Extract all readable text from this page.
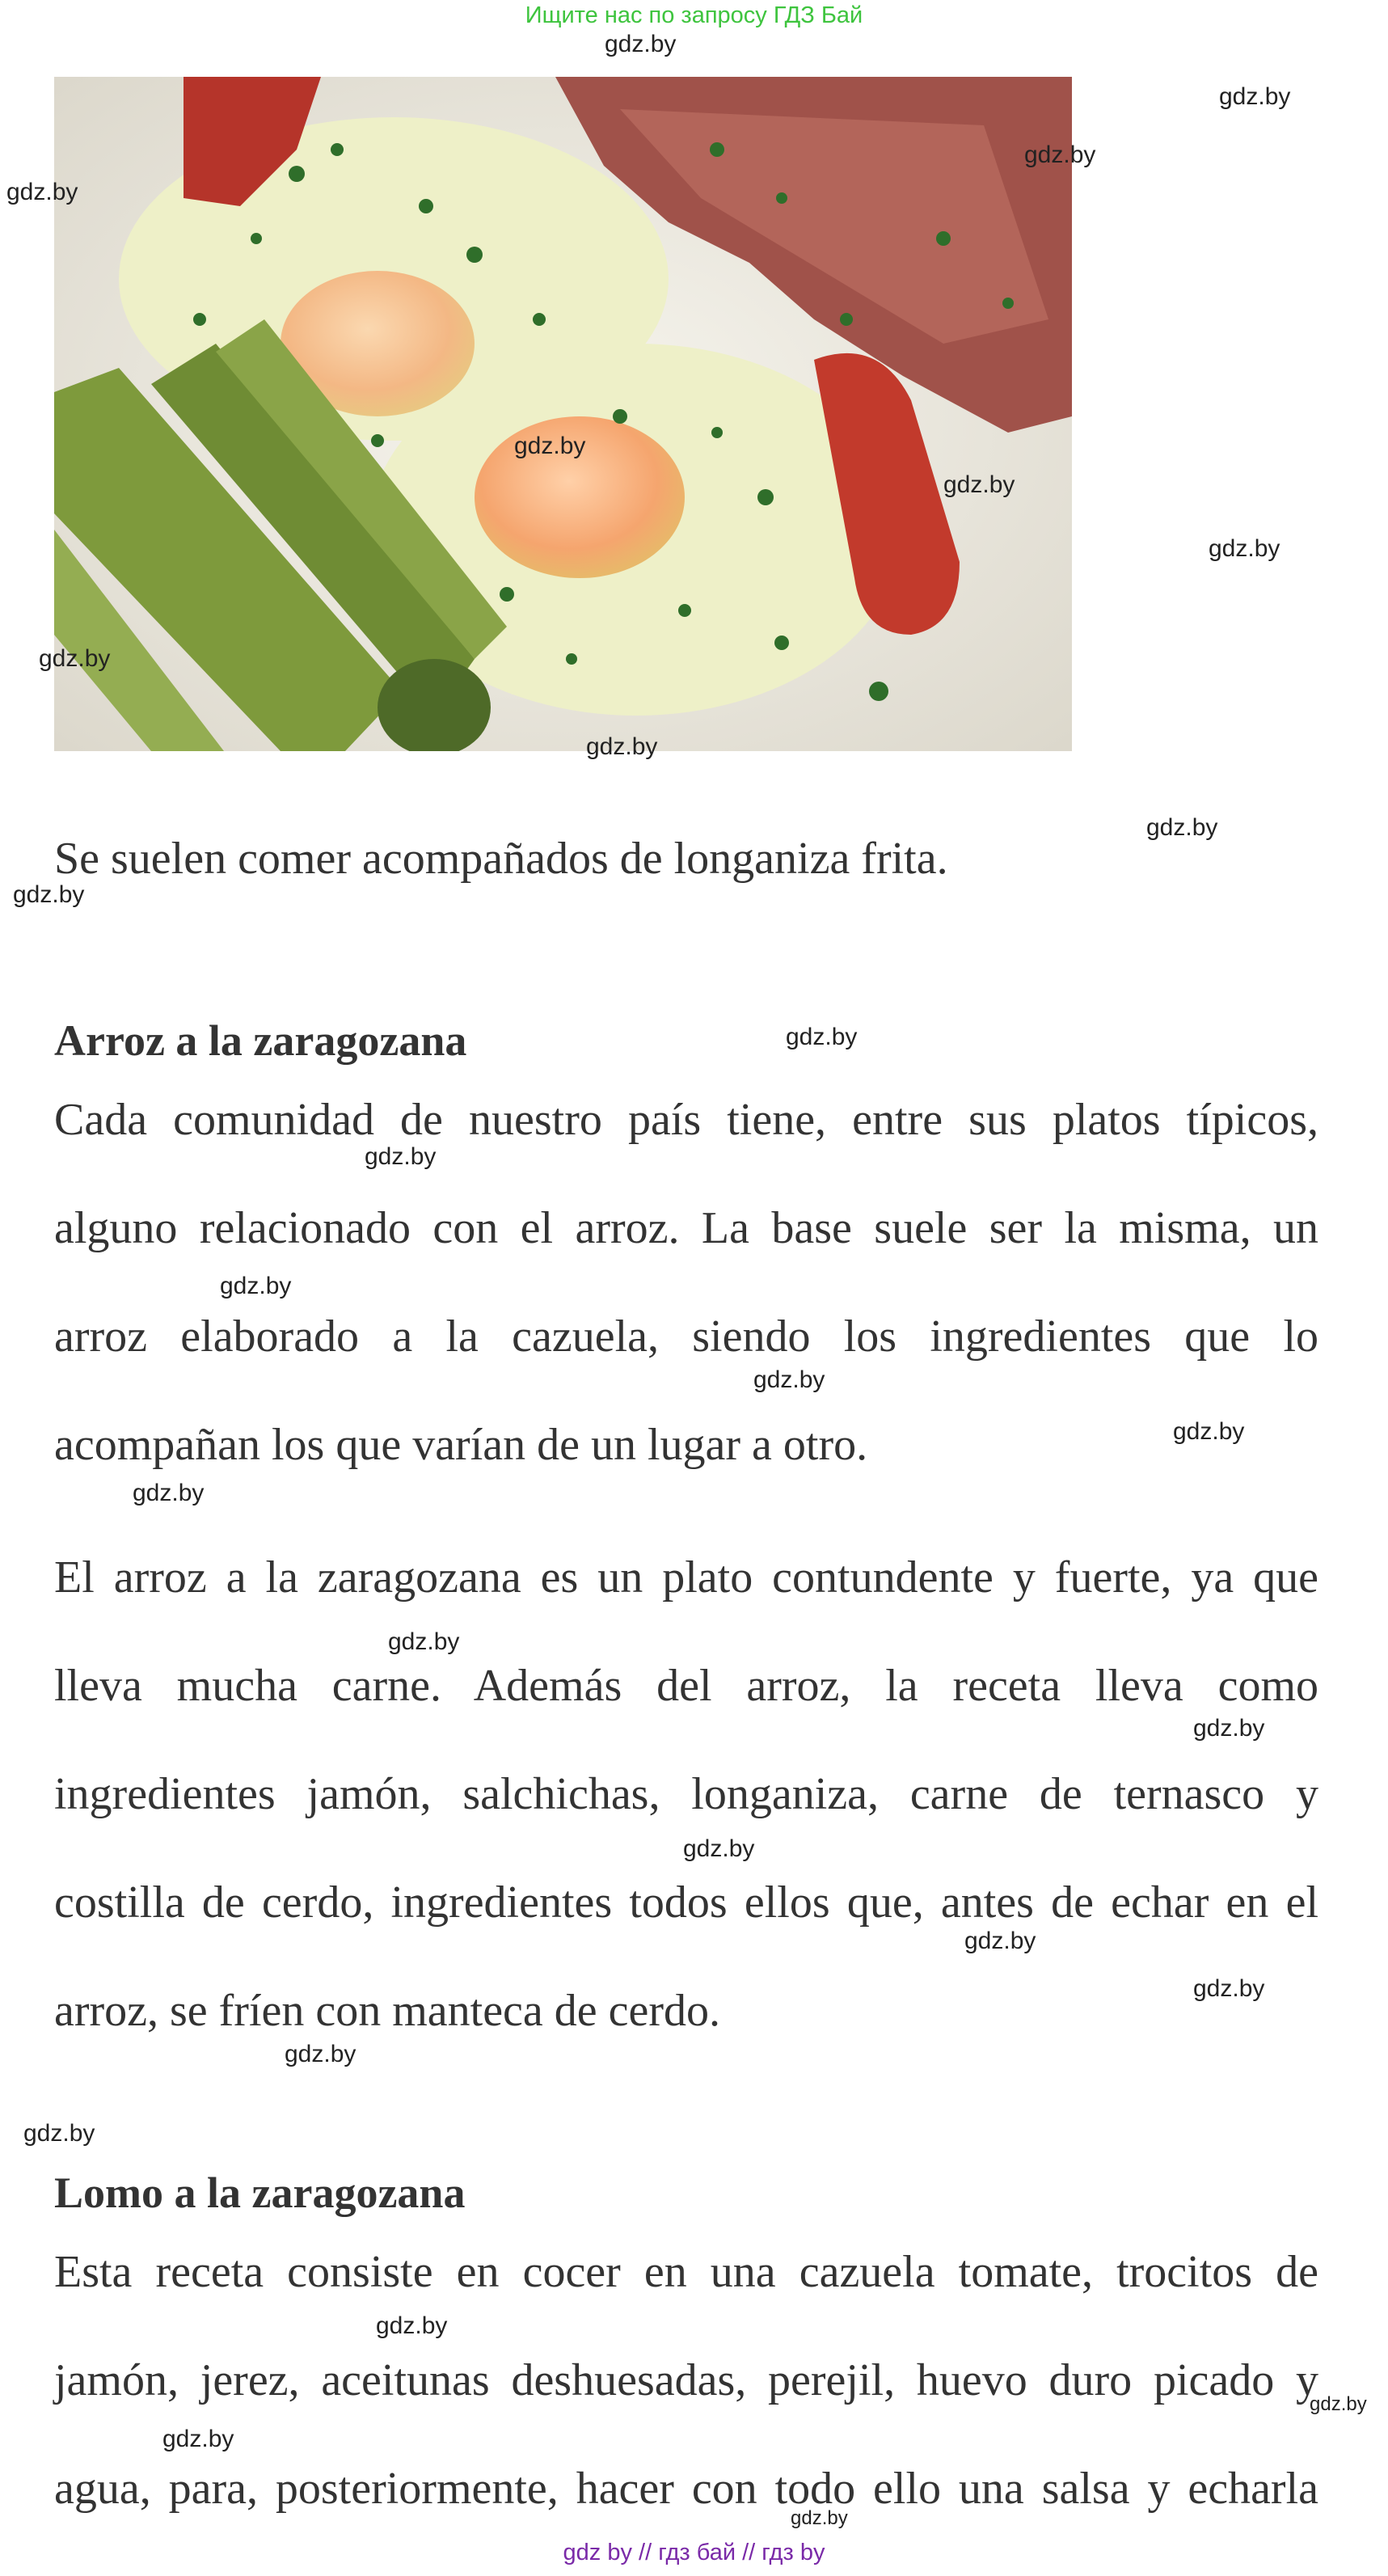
Ищите нас по запросу ГДЗ Бай
gdz.by
gdz.by
gdz.by
gdz.by
gdz.by
gdz.by
gdz.by
gdz.by
gdz.by
gdz.by
gdz.by
gdz.by
gdz.by
gdz.by
gdz.by
gdz.by
gdz.by
gdz.by
gdz.by
gdz.by
gdz.by
gdz.by
gdz.by
gdz.by
gdz.by
gdz.by
gdz.by
gdz.by
Se suelen comer acompañados de longaniza frita.
Arroz a la zaragozana
Cada comunidad de nuestro país tiene, entre sus platos típicos,
alguno relacionado con el arroz. La base suele ser la misma, un
arroz elaborado a la cazuela, siendo los ingredientes que lo
acompañan los que varían de un lugar a otro.
El arroz a la zaragozana es un plato contundente y fuerte, ya que
lleva mucha carne. Además del arroz, la receta lleva como
ingredientes jamón, salchichas, longaniza, carne de ternasco y
costilla de cerdo, ingredientes todos ellos que, antes de echar en el
arroz, se fríen con manteca de cerdo.
Lomo a la zaragozana
Esta receta consiste en cocer en una cazuela tomate, trocitos de
jamón, jerez, aceitunas deshuesadas, perejil, huevo duro picado y
agua, para, posteriormente, hacer con todo ello una salsa y echarla
gdz by // гдз бай // гдз by
